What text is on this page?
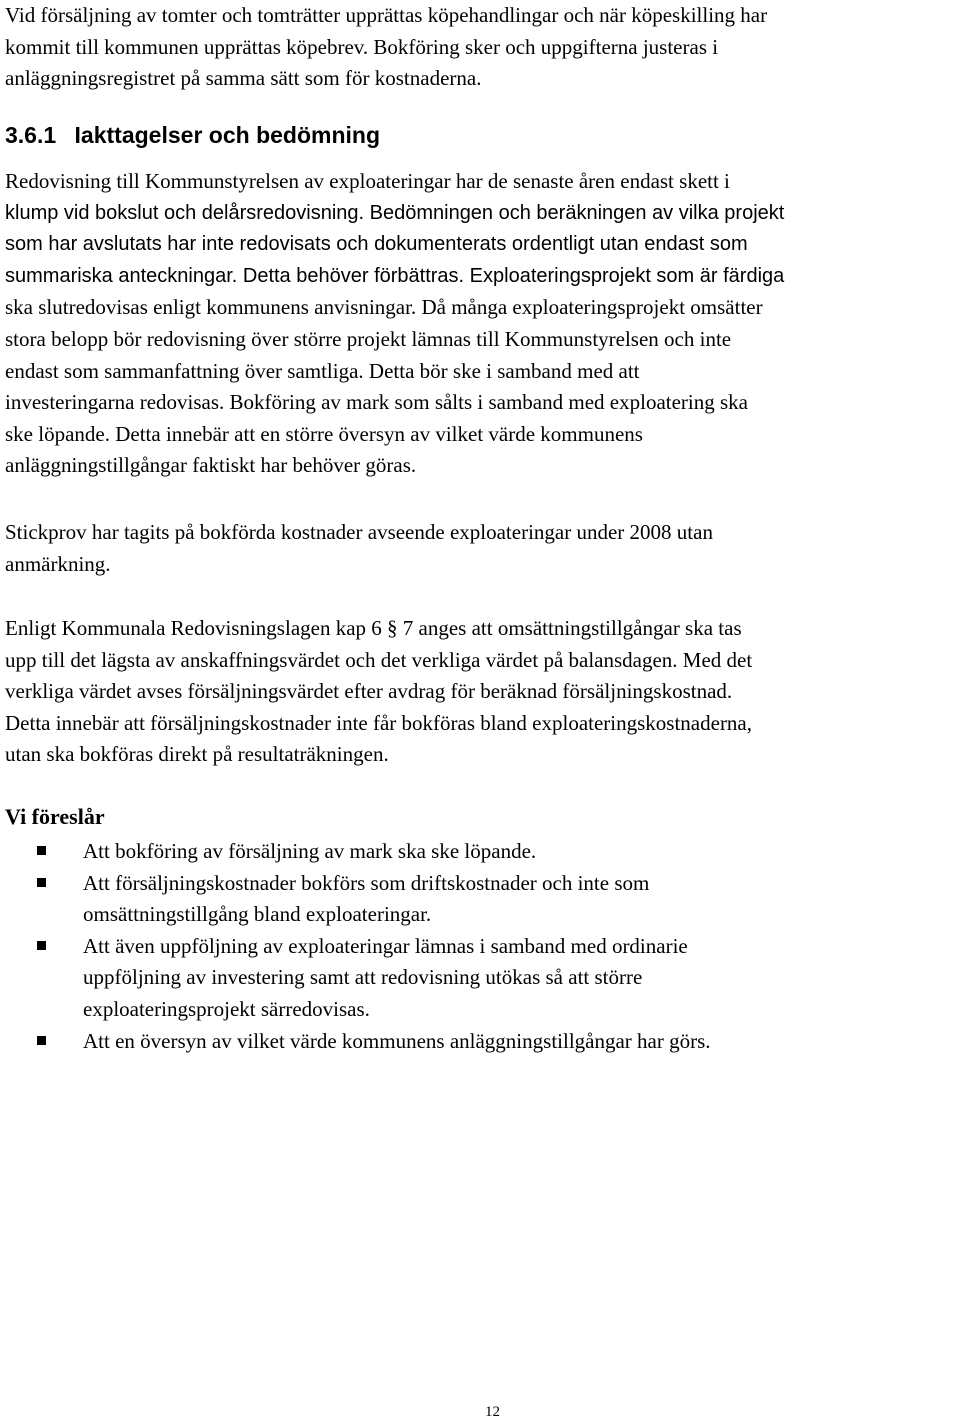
Vid försäljning av tomter och tomträtter upprättas köpehandlingar och när köpeskilling har
kommit till kommunen upprättas köpebrev. Bokföring sker och uppgifterna justeras i
anläggningsregistret på samma sätt som för kostnaderna.
3.6.1 Iakttagelser och bedömning
Redovisning till Kommunstyrelsen av exploateringar har de senaste åren endast skett i
klump vid bokslut och delårsredovisning. Bedömningen och beräkningen av vilka projekt
som har avslutats har inte redovisats och dokumenterats ordentligt utan endast som
summariska anteckningar. Detta behöver förbättras. Exploateringsprojekt som är färdiga
ska slutredovisas enligt kommunens anvisningar. Då många exploateringsprojekt omsätter
stora belopp bör redovisning över större projekt lämnas till Kommunstyrelsen och inte
endast som sammanfattning över samtliga. Detta bör ske i samband med att
investeringarna redovisas. Bokföring av mark som sålts i samband med exploatering ska
ske löpande. Detta innebär att en större översyn av vilket värde kommunens
anläggningstillgångar faktiskt har behöver göras.
Stickprov har tagits på bokförda kostnader avseende exploateringar under 2008 utan
anmärkning.
Enligt Kommunala Redovisningslagen kap 6 § 7 anges att omsättningstillgångar ska tas
upp till det lägsta av anskaffningsvärdet och det verkliga värdet på balansdagen. Med det
verkliga värdet avses försäljningsvärdet efter avdrag för beräknad försäljningskostnad.
Detta innebär att försäljningskostnader inte får bokföras bland exploateringskostnaderna,
utan ska bokföras direkt på resultaträkningen.
Vi föreslår
Att bokföring av försäljning av mark ska ske löpande.
Att försäljningskostnader bokförs som driftskostnader och inte som
omsättningstillgång bland exploateringar.
Att även uppföljning av exploateringar lämnas i samband med ordinarie
uppföljning av investering samt att redovisning utökas så att större
exploateringsprojekt särredovisas.
Att en översyn av vilket värde kommunens anläggningstillgångar har görs.
12
